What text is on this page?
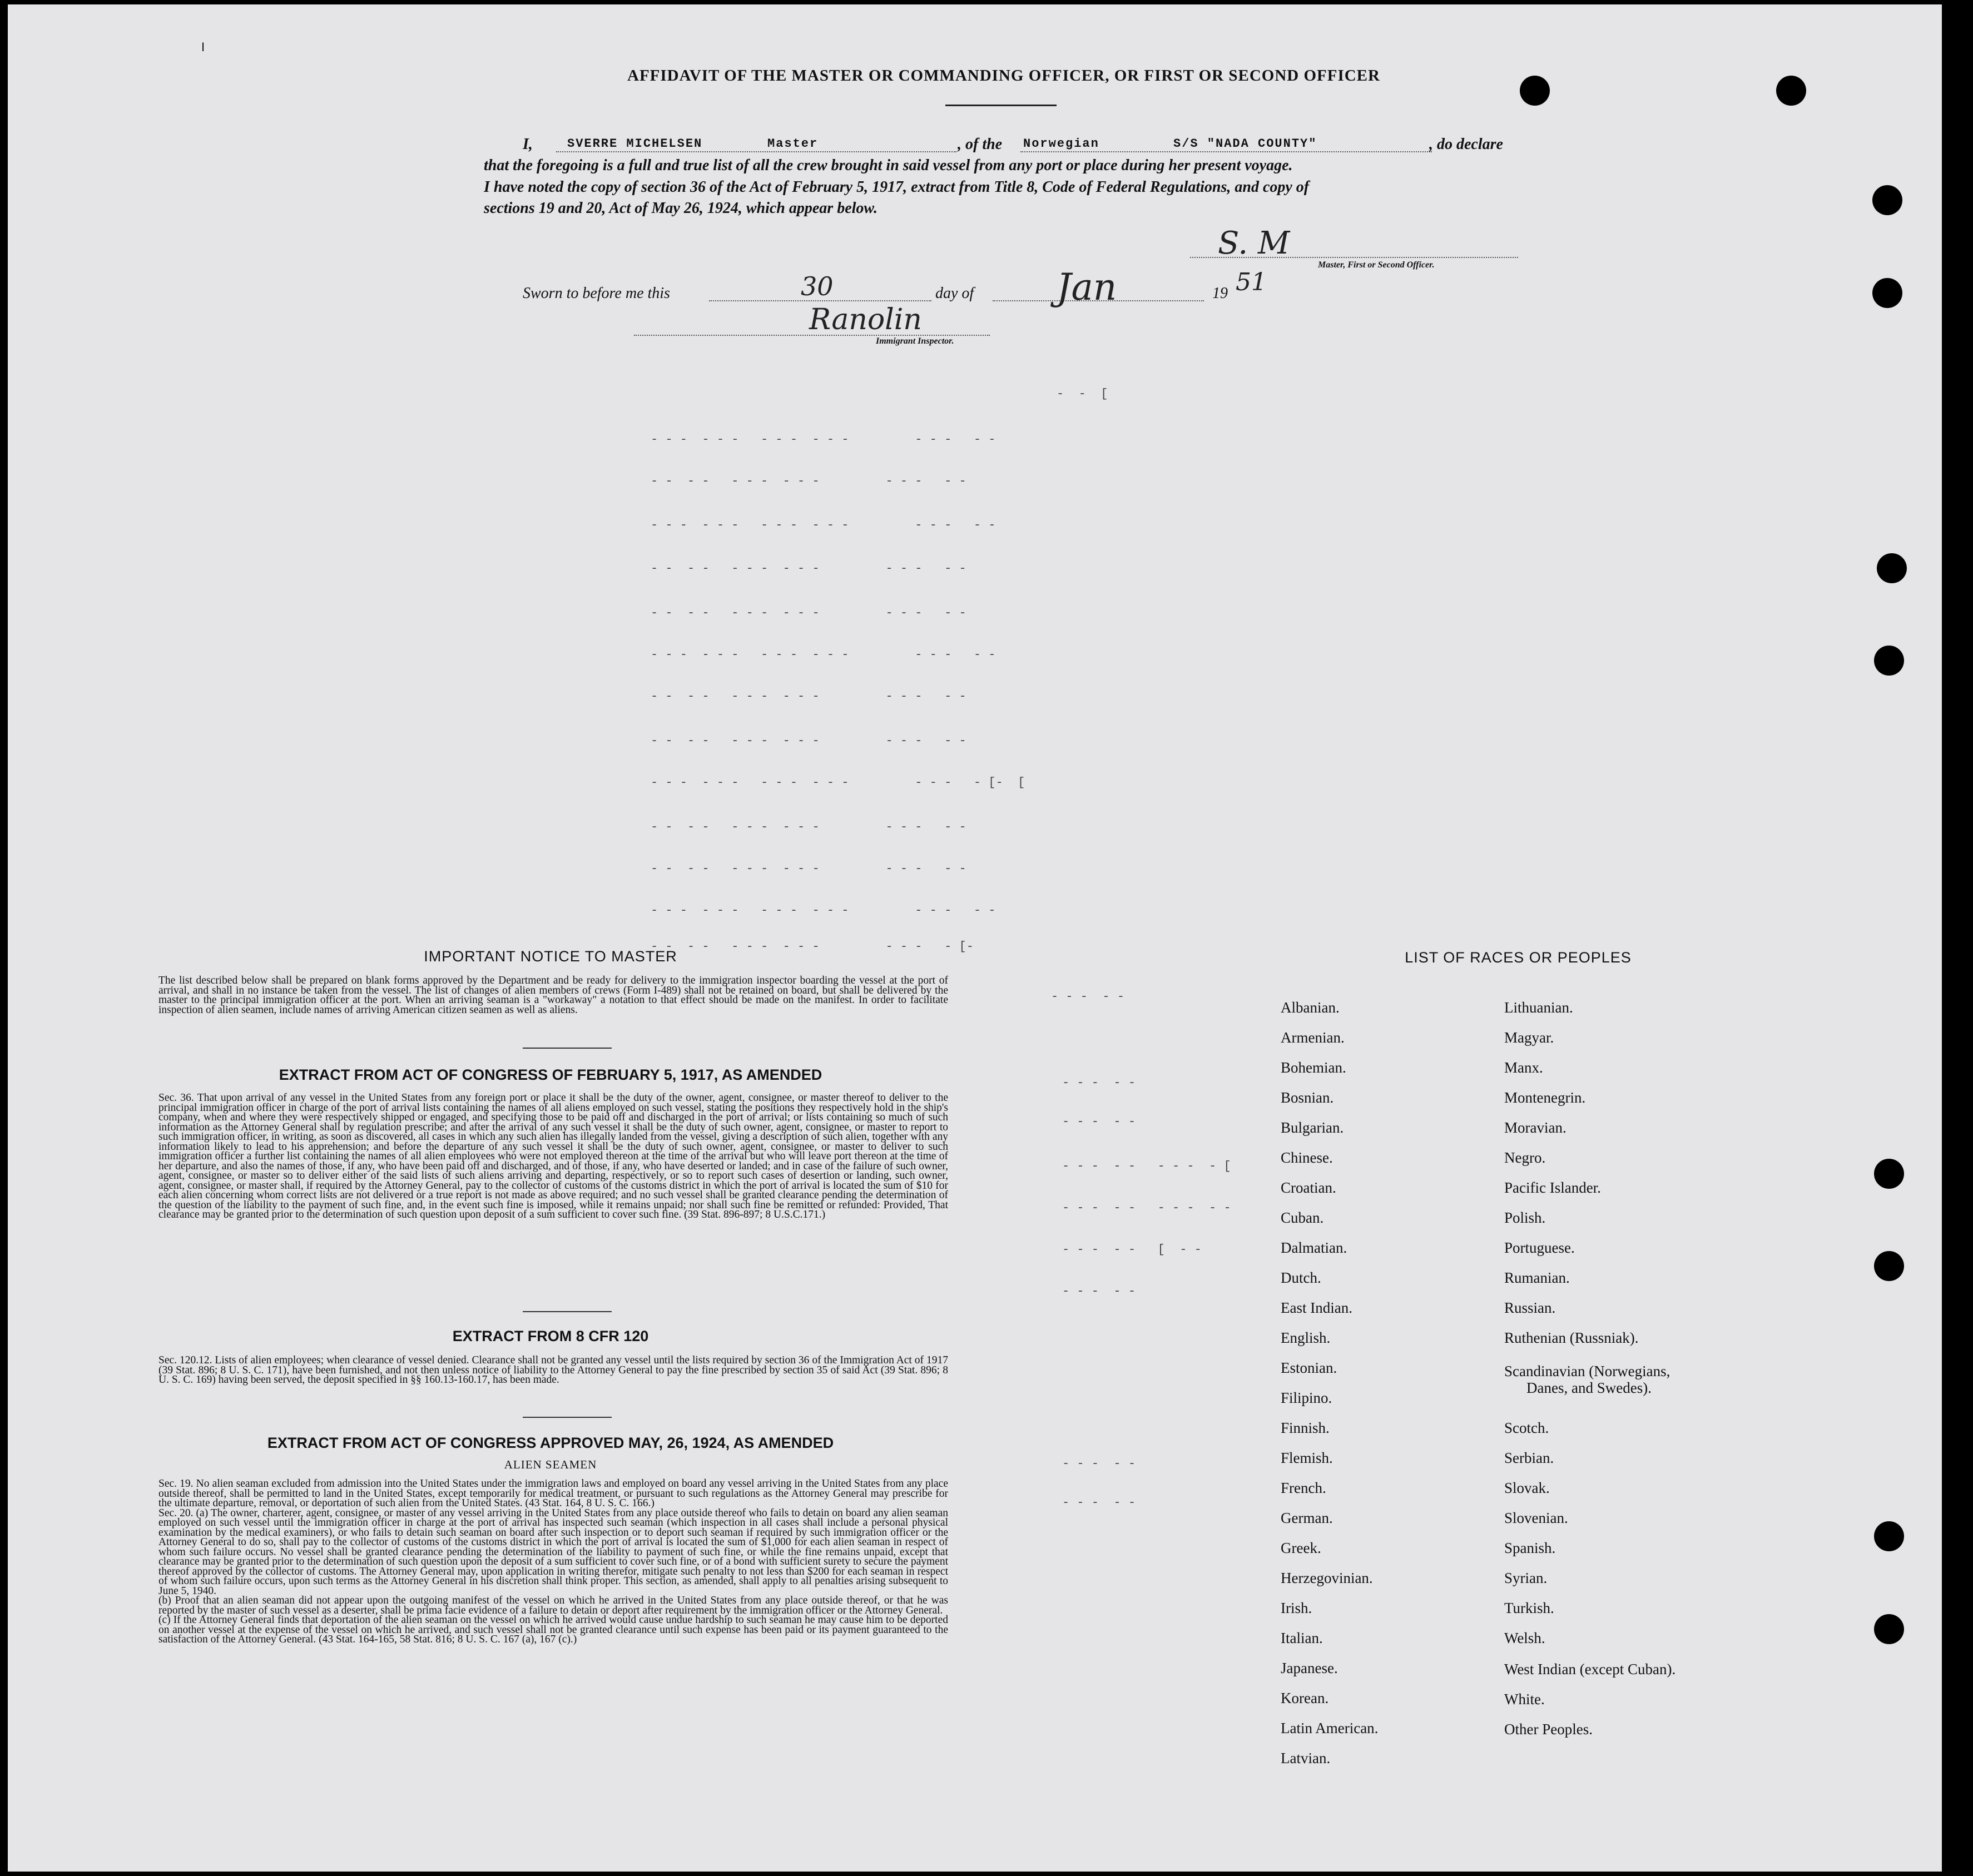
I
AFFIDAVIT OF THE MASTER OR COMMANDING OFFICER, OR FIRST OR SECOND OFFICER
I,	SVERRE MICHELSEN	Master	, of the Norwegian	S/S "NADA COUNTY"	, do declare
that the foregoing is a full and true list of all the crew brought in said vessel from any port or place during her present voyage.
I have noted the copy of section 36 of the Act of February 5, 1917, extract from Title 8, Code of Federal Regulations, and copy of
sections 19 and 20, Act of May 26, 1924, which appear below.
S. M
Master, First or Second Officer.
Sworn to before me this	30	day of Jan	19 51
Ranolin
Immigrant Inspector.
-  -  [
- - -  - - -   - - -  - - -         - - -   - -
- -  - -   - - -  - - -         - - -   - -
- - -  - - -   - - -  - - -         - - -   - -
- -  - -   - - -  - - -         - - -   - -
- -  - -   - - -  - - -         - - -   - -
- - -  - - -   - - -  - - -         - - -   - -
- -  - -   - - -  - - -         - - -   - -
- -  - -   - - -  - - -         - - -   - -
- - -  - - -   - - -  - - -         - - -   - [-  [
- -  - -   - - -  - - -         - - -   - -
- -  - -   - - -  - - -         - - -   - -
- - -  - - -   - - -  - - -         - - -   - -
- -  - -   - - -  - - -         - - -   - [-
- - -  - -
- - -  - -
- - -  - -
- - -  - -   - - -  - [
- - -  - -   - - -  - -
- - -  - -   [  - -
- - -  - -
- - -  - -
- - -  - -
IMPORTANT NOTICE TO MASTER
The list described below shall be prepared on blank forms approved by the Department and be ready for delivery to the immigration inspector boarding the vessel at the port of arrival, and shall in no instance be taken from the vessel. The list of changes of alien members of crews (Form I-489) shall not be retained on board, but shall be delivered by the master to the principal immigration officer at the port. When an arriving seaman is a "workaway" a notation to that effect should be made on the manifest. In order to facilitate inspection of alien seamen, include names of arriving American citizen seamen as well as aliens.
EXTRACT FROM ACT OF CONGRESS OF FEBRUARY 5, 1917, AS AMENDED
Sec. 36. That upon arrival of any vessel in the United States from any foreign port or place it shall be the duty of the owner, agent, consignee, or master thereof to deliver to the principal immigration officer in charge of the port of arrival lists containing the names of all aliens employed on such vessel, stating the positions they respectively hold in the ship's company, when and where they were respectively shipped or engaged, and specifying those to be paid off and discharged in the port of arrival; or lists containing so much of such information as the Attorney General shall by regulation prescribe; and after the arrival of any such vessel it shall be the duty of such owner, agent, consignee, or master to report to such immigration officer, in writing, as soon as discovered, all cases in which any such alien has illegally landed from the vessel, giving a description of such alien, together with any information likely to lead to his apprehension; and before the departure of any such vessel it shall be the duty of such owner, agent, consignee, or master to deliver to such immigration officer a further list containing the names of all alien employees who were not employed thereon at the time of the arrival but who will leave port thereon at the time of her departure, and also the names of those, if any, who have been paid off and discharged, and of those, if any, who have deserted or landed; and in case of the failure of such owner, agent, consignee, or master so to deliver either of the said lists of such aliens arriving and departing, respectively, or so to report such cases of desertion or landing, such owner, agent, consignee, or master shall, if required by the Attorney General, pay to the collector of customs of the customs district in which the port of arrival is located the sum of $10 for each alien concerning whom correct lists are not delivered or a true report is not made as above required; and no such vessel shall be granted clearance pending the determination of the question of the liability to the payment of such fine, and, in the event such fine is imposed, while it remains unpaid; nor shall such fine be remitted or refunded: Provided, That clearance may be granted prior to the determination of such question upon deposit of a sum sufficient to cover such fine. (39 Stat. 896-897; 8 U.S.C.171.)
EXTRACT FROM 8 CFR 120
Sec. 120.12. Lists of alien employees; when clearance of vessel denied. Clearance shall not be granted any vessel until the lists required by section 36 of the Immigration Act of 1917 (39 Stat. 896; 8 U. S. C. 171), have been furnished, and not then unless notice of liability to the Attorney General to pay the fine prescribed by section 35 of said Act (39 Stat. 896; 8 U. S. C. 169) having been served, the deposit specified in §§ 160.13-160.17, has been made.
EXTRACT FROM ACT OF CONGRESS APPROVED MAY, 26, 1924, AS AMENDED
ALIEN SEAMEN

Sec. 19. No alien seaman excluded from admission into the United States under the immigration laws and employed on board any vessel arriving in the United States from any place outside thereof, shall be permitted to land in the United States, except temporarily for medical treatment, or pursuant to such regulations as the Attorney General may prescribe for the ultimate departure, removal, or deportation of such alien from the United States. (43 Stat. 164, 8 U. S. C. 166.)

Sec. 20. (a) The owner, charterer, agent, consignee, or master of any vessel arriving in the United States from any place outside thereof who fails to detain on board any alien seaman employed on such vessel until the immigration officer in charge at the port of arrival has inspected such seaman (which inspection in all cases shall include a personal physical examination by the medical examiners), or who fails to detain such seaman on board after such inspection or to deport such seaman if required by such immigration officer or the Attorney General to do so, shall pay to the collector of customs of the customs district in which the port of arrival is located the sum of $1,000 for each alien seaman in respect of whom such failure occurs. No vessel shall be granted clearance pending the determination of the liability to payment of such fine, or while the fine remains unpaid, except that clearance may be granted prior to the determination of such question upon the deposit of a sum sufficient to cover such fine, or of a bond with sufficient surety to secure the payment thereof approved by the collector of customs. The Attorney General may, upon application in writing therefor, mitigate such penalty to not less than $200 for each seaman in respect of whom such failure occurs, upon such terms as the Attorney General in his discretion shall think proper. This section, as amended, shall apply to all penalties arising subsequent to June 5, 1940.

(b) Proof that an alien seaman did not appear upon the outgoing manifest of the vessel on which he arrived in the United States from any place outside thereof, or that he was reported by the master of such vessel as a deserter, shall be prima facie evidence of a failure to detain or deport after requirement by the immigration officer or the Attorney General.

(c) If the Attorney General finds that deportation of the alien seaman on the vessel on which he arrived would cause undue hardship to such seaman he may cause him to be deported on another vessel at the expense of the vessel on which he arrived, and such vessel shall not be granted clearance until such expense has been paid or its payment guaranteed to the satisfaction of the Attorney General. (43 Stat. 164-165, 58 Stat. 816; 8 U. S. C. 167 (a), 167 (c).)

LIST OF RACES OR PEOPLES
Albanian.
Armenian.
Bohemian.
Bosnian.
Bulgarian.
Chinese.
Croatian.
Cuban.
Dalmatian.
Dutch.
East Indian.
English.
Estonian.
Filipino.
Finnish.
Flemish.
French.
German.
Greek.
Herzegovinian.
Irish.
Italian.
Japanese.
Korean.
Latin American.
Latvian.
Lithuanian.
Magyar.
Manx.
Montenegrin.
Moravian.
Negro.
Pacific Islander.
Polish.
Portuguese.
Rumanian.
Russian.
Ruthenian (Russniak).
Scandinavian (Norwegians,
Danes, and Swedes).
Scotch.
Serbian.
Slovak.
Slovenian.
Spanish.
Syrian.
Turkish.
Welsh.
West Indian (except Cuban).
White.
Other Peoples.
